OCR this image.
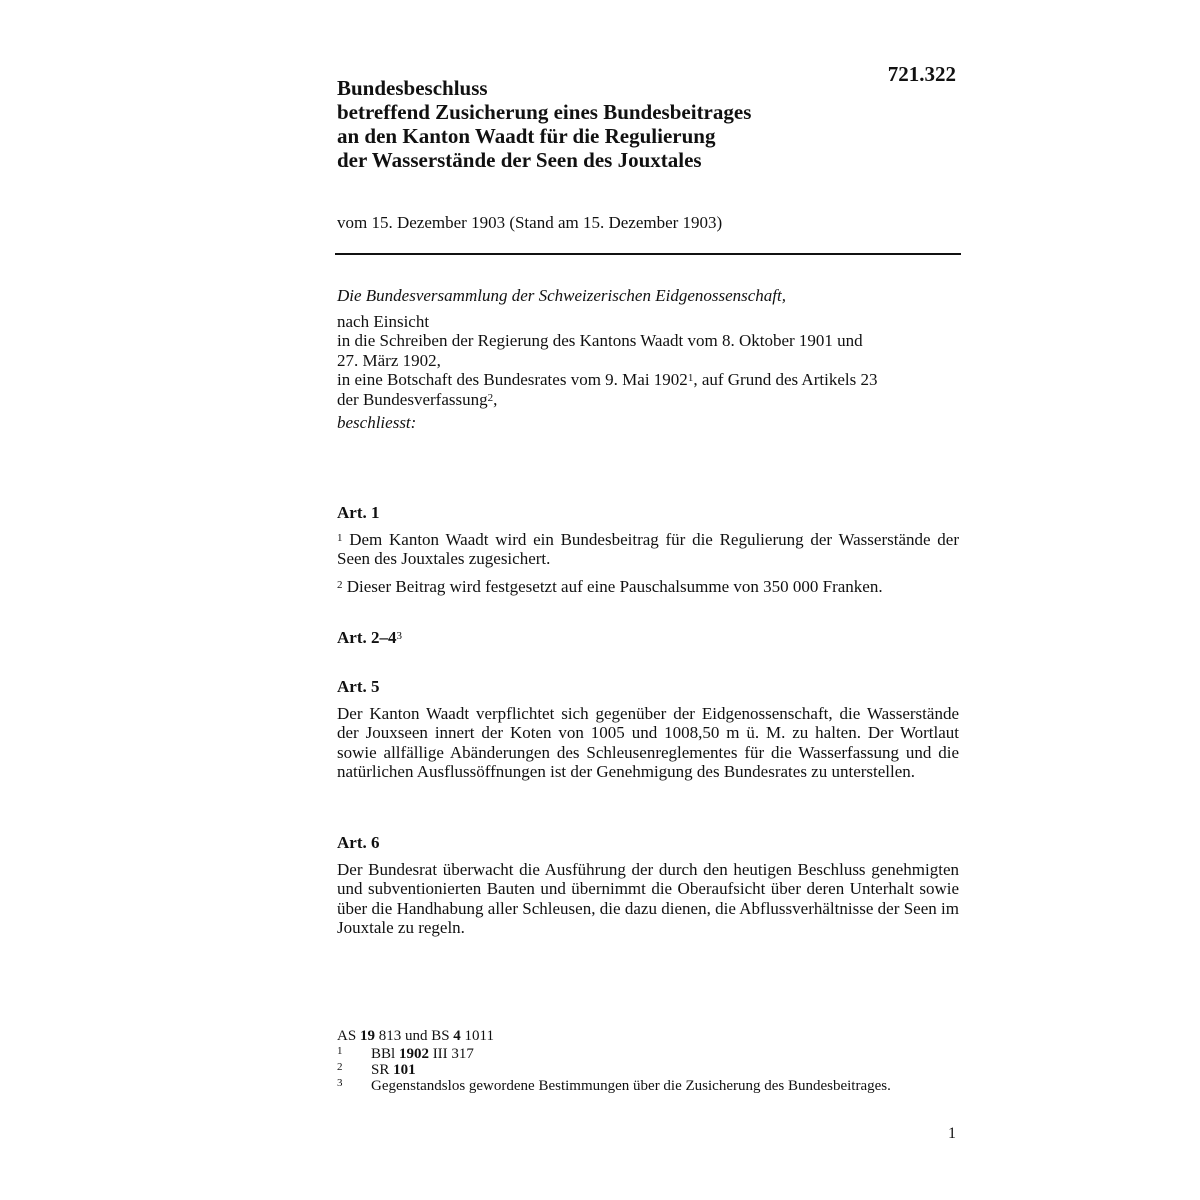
721.322
Bundesbeschluss
betreffend Zusicherung eines Bundesbeitrages
an den Kanton Waadt für die Regulierung
der Wasserstände der Seen des Jouxtales
vom 15. Dezember 1903 (Stand am 15. Dezember 1903)
Die Bundesversammlung der Schweizerischen Eidgenossenschaft,
nach Einsicht
in die Schreiben der Regierung des Kantons Waadt vom 8. Oktober 1901 und
27. März 1902,
in eine Botschaft des Bundesrates vom 9. Mai 1902$^1$, auf Grund des Artikels 23
der Bundesverfassung$^2$,
beschliesst:
Art. 1

$^1$ Dem Kanton Waadt wird ein Bundesbeitrag für die Regulierung der Wasserstände der Seen des Jouxtales zugesichert.

$^2$ Dieser Beitrag wird festgesetzt auf eine Pauschalsumme von 350 000 Franken.

Art. $2-4^3$
Art. 5

Der Kanton Waadt verpflichtet sich gegenüber der Eidgenossenschaft, die Wasserstände der Jouxseen innert der Koten von 1005 und 1008,50 m ü. M. zu halten. Der Wortlaut sowie allfällige Abänderungen des Schleusenreglementes für die Wasserfassung und die natürlichen Ausflussöffnungen ist der Genehmigung des Bundesrates zu unterstellen.

Art. 6

Der Bundesrat überwacht die Ausführung der durch den heutigen Beschluss genehmigten und subventionierten Bauten und übernimmt die Oberaufsicht über deren Unterhalt sowie über die Handhabung aller Schleusen, die dazu dienen, die Abflussverhältnisse der Seen im Jouxtale zu regeln.

AS 19 813 und BS 4 1011
1	BBl 1902 III 317
2	SR 101
3	Gegenstandslos gewordene Bestimmungen über die Zusicherung des Bundesbeitrages.
1
